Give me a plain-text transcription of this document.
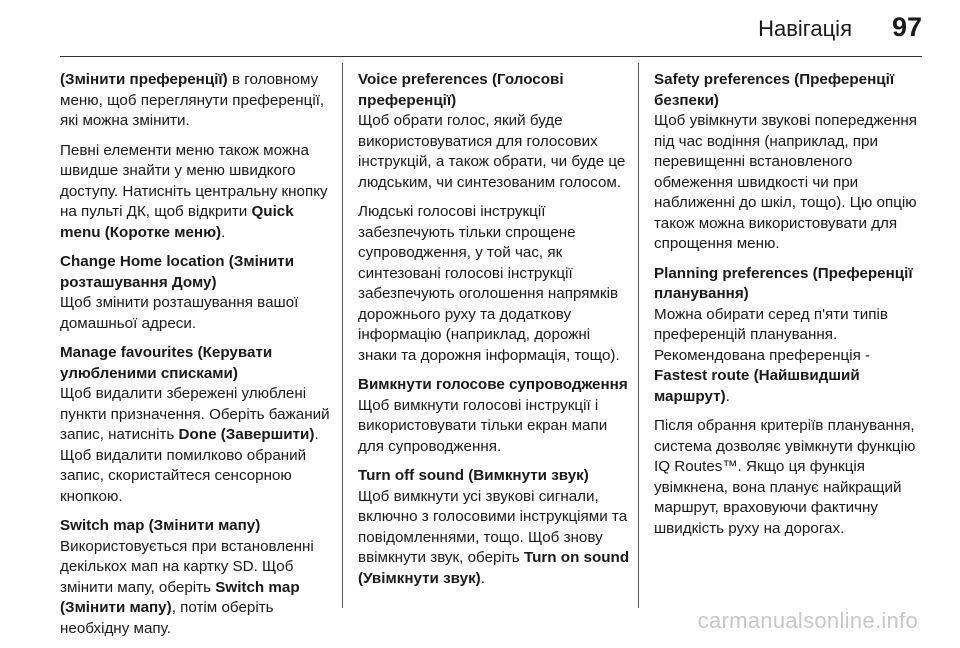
Навігація 97

(Змінити преференції) в головному меню, щоб переглянути преференції, які можна змінити.

Певні елементи меню також можна швидше знайти у меню швидкого доступу. Натисніть центральну кнопку на пульті ДК, щоб відкрити Quick menu (Коротке меню).

Change Home location (Змінити розташування Дому)
Щоб змінити розташування вашої домашньої адреси.

Manage favourites (Керувати улюбленими списками)
Щоб видалити збережені улюблені пункти призначення. Оберіть бажаний запис, натисніть Done (Завершити). Щоб видалити помилково обраний запис, скористайтеся сенсорною кнопкою.

Switch map (Змінити мапу)
Використовується при встановленні декількох мап на картку SD. Щоб змінити мапу, оберіть Switch map (Змінити мапу), потім оберіть необхідну мапу.

Voice preferences (Голосові преференції)
Щоб обрати голос, який буде використовуватися для голосових інструкцій, а також обрати, чи буде це людським, чи синтезованим голосом.

Людські голосові інструкції забезпечують тільки спрощене супроводження, у той час, як синтезовані голосові інструкції забезпечують оголошення напрямків дорожнього руху та додаткову інформацію (наприклад, дорожні знаки та дорожня інформація, тощо).

Вимкнути голосове супроводження
Щоб вимкнути голосові інструкції і використовувати тільки екран мапи для супроводження.

Turn off sound (Вимкнути звук)
Щоб вимкнути усі звукові сигнали, включно з голосовими інструкціями та повідомленнями, тощо. Щоб знову ввімкнути звук, оберіть Turn on sound (Увімкнути звук).

Safety preferences (Преференції безпеки)
Щоб увімкнути звукові попередження під час водіння (наприклад, при перевищенні встановленого обмеження швидкості чи при наближенні до шкіл, тощо). Цю опцію також можна використовувати для спрощення меню.

Planning preferences (Преференції планування)
Можна обирати серед п'яти типів преференцій планування. Рекомендована преференція - Fastest route (Найшвидший маршрут).

Після обрання критеріїв планування, система дозволяє увімкнути функцію IQ Routes™. Якщо ця функція увімкнена, вона планує найкращий маршрут, враховуючи фактичну швидкість руху на дорогах.

carmanualsonline.info
